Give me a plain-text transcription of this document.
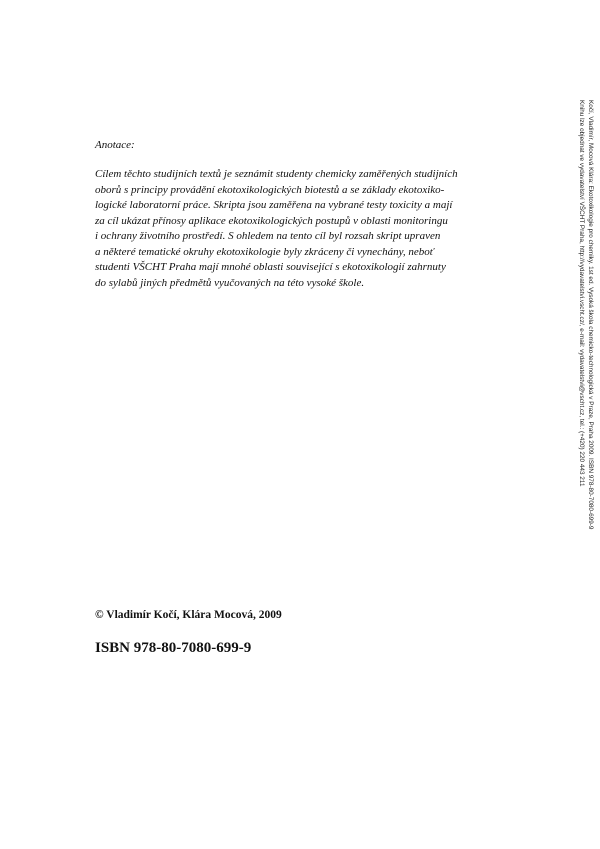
Anotace:
Cílem těchto studijních textů je seznámit studenty chemicky zaměřených studijních
oborů s principy provádění ekotoxikologických biotestů a se základy ekotoxiko-
logické laboratorní práce. Skripta jsou zaměřena na vybrané testy toxicity a mají
za cíl ukázat přínosy aplikace ekotoxikologických postupů v oblasti monitoringu
i ochrany životního prostředí. S ohledem na tento cíl byl rozsah skript upraven
a některé tematické okruhy ekotoxikologie byly zkráceny či vynechány, neboť
studenti VŠCHT Praha mají mnohé oblasti související s ekotoxikologií zahrnuty
do sylabů jiných předmětů vyučovaných na této vysoké škole.
© Vladimír Kočí, Klára Mocová, 2009
ISBN 978-80-7080-699-9
Kočí, Vladimír, Mocová Klára: Ekotoxikologie pro chemiky. 1st ed. Vysoká škola chemicko-technologická v Praze, Praha 2009. ISBN 978-80-7080-699-9
Knihu lze objednat ve vydavatelství VŠCHT Praha, http://vydavatelstvi.vscht.cz/, e-mail: vydavatelstvi@vscht.cz, tel.: (+420) 220 443 211
